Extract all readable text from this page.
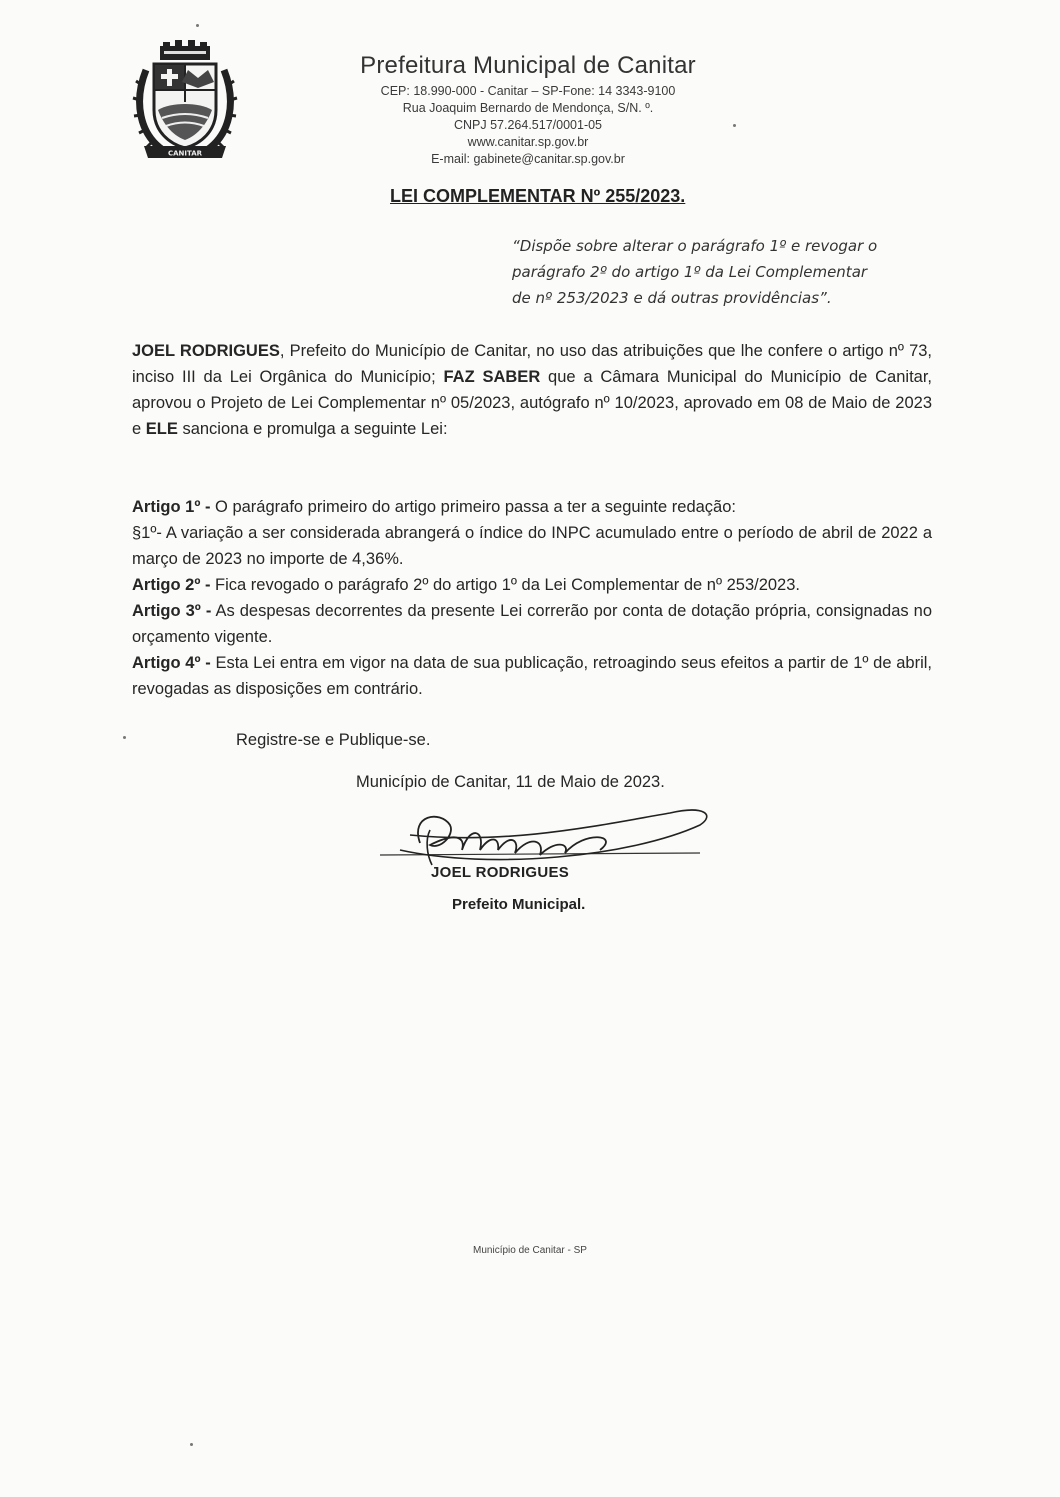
CANITAR
Prefeitura Municipal de Canitar
CEP: 18.990-000 - Canitar – SP-Fone: 14 3343-9100
Rua Joaquim Bernardo de Mendonça, S/N. º.
CNPJ 57.264.517/0001-05
www.canitar.sp.gov.br
E-mail: gabinete@canitar.sp.gov.br
LEI COMPLEMENTAR Nº 255/2023.
“Dispõe sobre alterar o parágrafo 1º e revogar o
parágrafo 2º do artigo 1º da Lei Complementar
de nº 253/2023 e dá outras providências”.
JOEL RODRIGUES, Prefeito do Município de Canitar, no uso das atribuições que lhe confere o artigo nº 73, inciso III da Lei Orgânica do Município; FAZ SABER que a Câmara Municipal do Município de Canitar, aprovou o Projeto de Lei Complementar nº 05/2023, autógrafo nº 10/2023, aprovado em 08 de Maio de 2023 e ELE sanciona e promulga a seguinte Lei:

Artigo 1º - O parágrafo primeiro do artigo primeiro passa a ter a seguinte redação:

§1º- A variação a ser considerada abrangerá o índice do INPC acumulado entre o período de abril de 2022 a março de 2023 no importe de 4,36%.

Artigo 2º - Fica revogado o parágrafo 2º do artigo 1º da Lei Complementar de nº 253/2023.

Artigo 3º - As despesas decorrentes da presente Lei correrão por conta de dotação própria, consignadas no orçamento vigente.

Artigo 4º - Esta Lei entra em vigor na data de sua publicação, retroagindo seus efeitos a partir de 1º de abril, revogadas as disposições em contrário.

Registre-se e Publique-se.
Município de Canitar, 11 de Maio de 2023.
JOEL RODRIGUES
Prefeito Municipal.
Município de Canitar - SP
